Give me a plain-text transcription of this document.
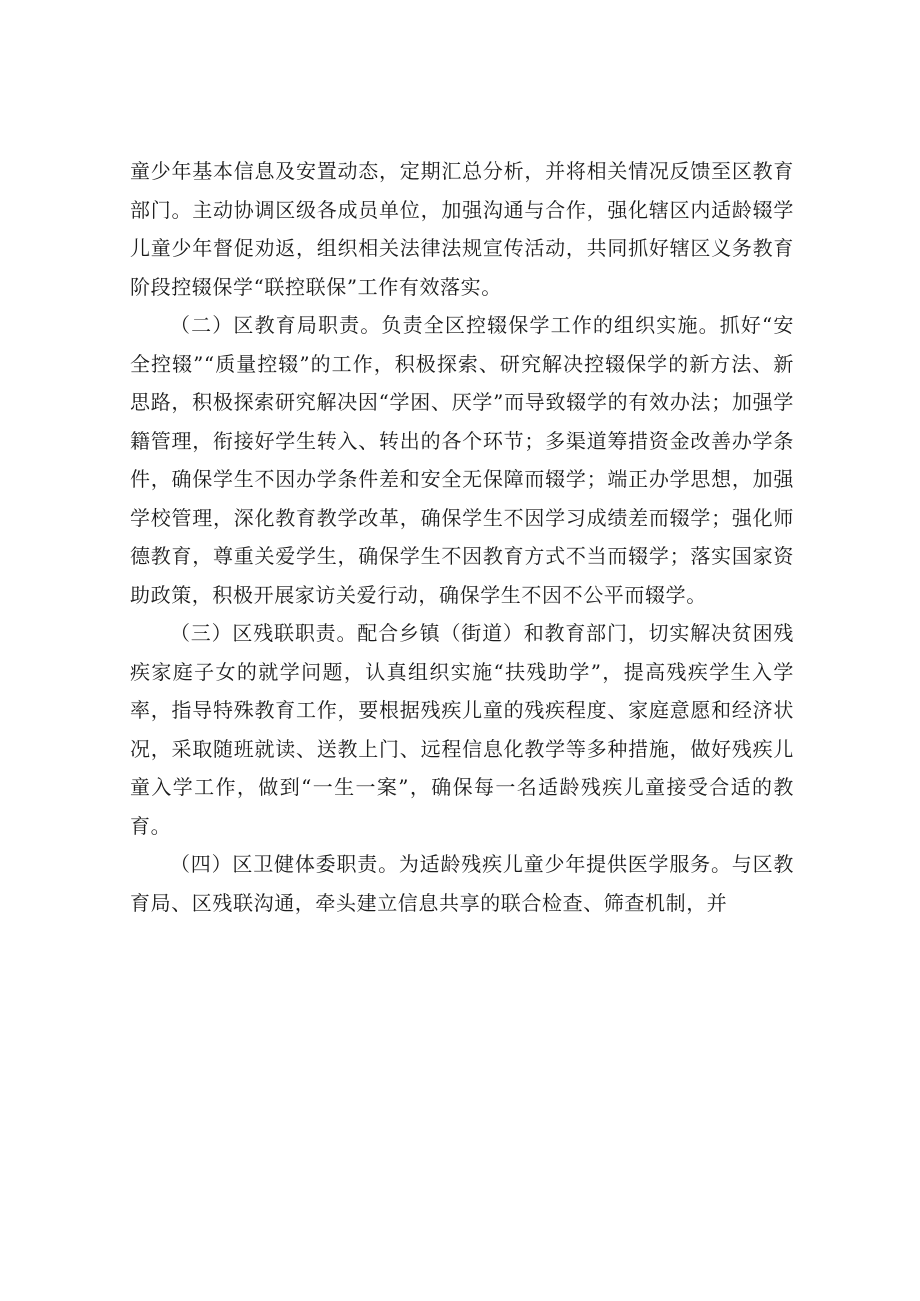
童少年基本信息及安置动态，定期汇总分析，并将相关情况反馈至区教育部门。主动协调区级各成员单位，加强沟通与合作，强化辖区内适龄辍学儿童少年督促劝返，组织相关法律法规宣传活动，共同抓好辖区义务教育阶段控辍保学“联控联保”工作有效落实。

（二）区教育局职责。负责全区控辍保学工作的组织实施。抓好“安全控辍”“质量控辍”的工作，积极探索、研究解决控辍保学的新方法、新思路，积极探索研究解决因“学困、厌学”而导致辍学的有效办法；加强学籍管理，衔接好学生转入、转出的各个环节；多渠道筹措资金改善办学条件，确保学生不因办学条件差和安全无保障而辍学；端正办学思想，加强学校管理，深化教育教学改革，确保学生不因学习成绩差而辍学；强化师德教育，尊重关爱学生，确保学生不因教育方式不当而辍学；落实国家资助政策，积极开展家访关爱行动，确保学生不因不公平而辍学。

（三）区残联职责。配合乡镇（街道）和教育部门，切实解决贫困残疾家庭子女的就学问题，认真组织实施“扶残助学”，提高残疾学生入学率，指导特殊教育工作，要根据残疾儿童的残疾程度、家庭意愿和经济状况，采取随班就读、送教上门、远程信息化教学等多种措施，做好残疾儿童入学工作，做到“一生一案”，确保每一名适龄残疾儿童接受合适的教育。

（四）区卫健体委职责。为适龄残疾儿童少年提供医学服务。与区教育局、区残联沟通，牵头建立信息共享的联合检查、筛查机制，并
